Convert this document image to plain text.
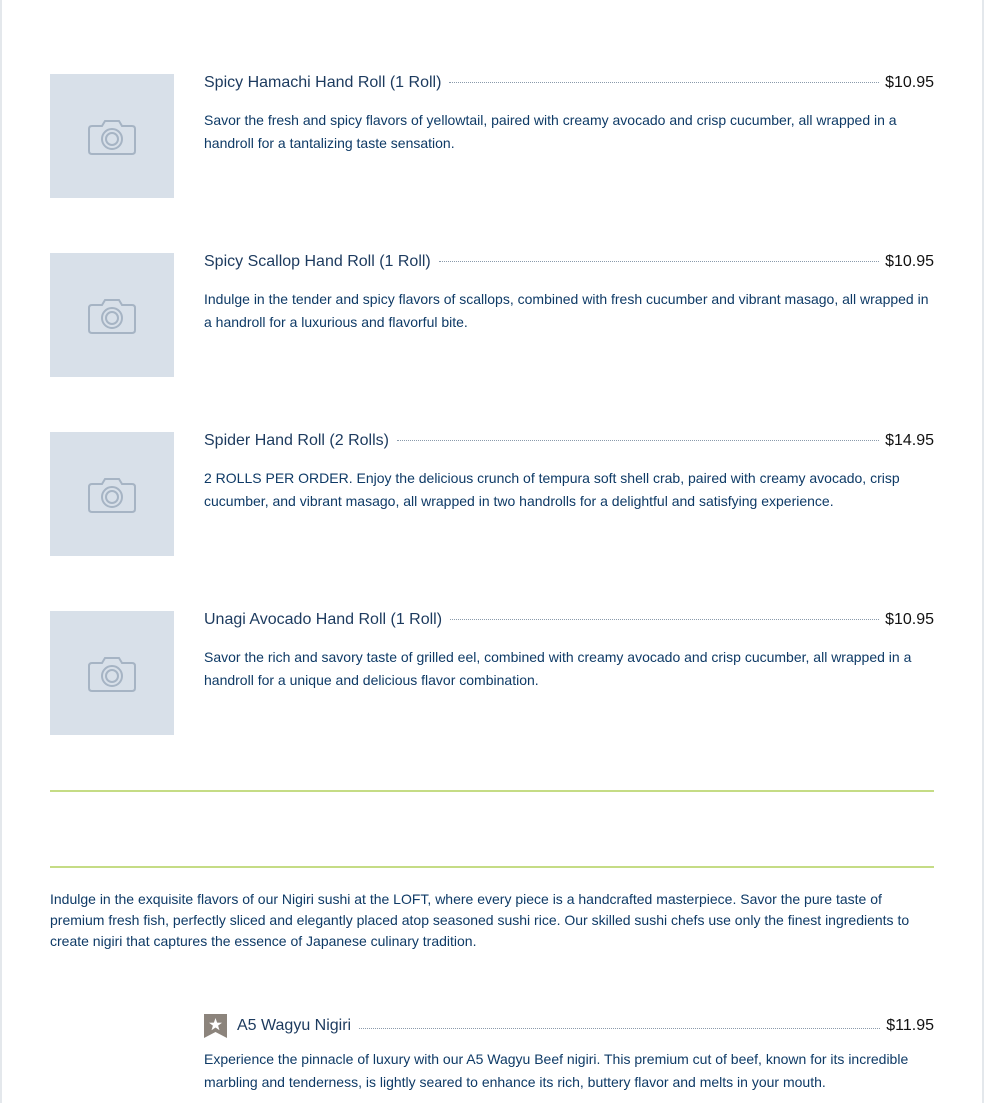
Spicy Hamachi Hand Roll (1 Roll)	$10.95
Savor the fresh and spicy flavors of yellowtail, paired with creamy avocado and crisp cucumber, all wrapped in a handroll for a tantalizing taste sensation.
Spicy Scallop Hand Roll (1 Roll)	$10.95
Indulge in the tender and spicy flavors of scallops, combined with fresh cucumber and vibrant masago, all wrapped in a handroll for a luxurious and flavorful bite.
Spider Hand Roll (2 Rolls)	$14.95
2 ROLLS PER ORDER. Enjoy the delicious crunch of tempura soft shell crab, paired with creamy avocado, crisp cucumber, and vibrant masago, all wrapped in two handrolls for a delightful and satisfying experience.
Unagi Avocado Hand Roll (1 Roll)	$10.95
Savor the rich and savory taste of grilled eel, combined with creamy avocado and crisp cucumber, all wrapped in a handroll for a unique and delicious flavor combination.
Indulge in the exquisite flavors of our Nigiri sushi at the LOFT, where every piece is a handcrafted masterpiece. Savor the pure taste of premium fresh fish, perfectly sliced and elegantly placed atop seasoned sushi rice. Our skilled sushi chefs use only the finest ingredients to create nigiri that captures the essence of Japanese culinary tradition.
A5 Wagyu Nigiri	$11.95
Experience the pinnacle of luxury with our A5 Wagyu Beef nigiri. This premium cut of beef, known for its incredible marbling and tenderness, is lightly seared to enhance its rich, buttery flavor and melts in your mouth.
